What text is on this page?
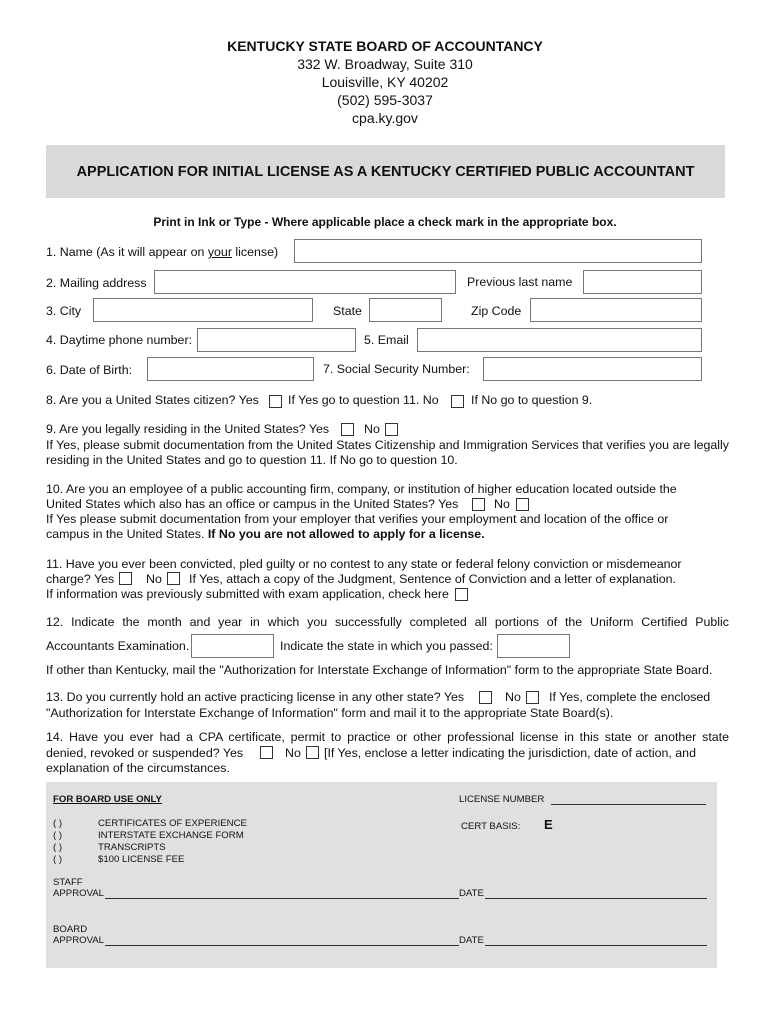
KENTUCKY STATE BOARD OF ACCOUNTANCY
332 W. Broadway, Suite 310
Louisville, KY 40202
(502) 595-3037
cpa.ky.gov
APPLICATION FOR INITIAL LICENSE AS A KENTUCKY CERTIFIED PUBLIC ACCOUNTANT
Print in Ink or Type - Where applicable place a check mark in the appropriate box.
1. Name (As it will appear on your license)
2. Mailing address	Previous last name
3. City	State	Zip Code
4. Daytime phone number:	5. Email
6. Date of Birth:	7. Social Security Number:
8. Are you a United States citizen? Yes If Yes go to question 11. No	If No go to question 9.
9. Are you legally residing in the United States? Yes	No
If Yes, please submit documentation from the United States Citizenship and Immigration Services that verifies you are legally residing in the United States and go to question 11. If No go to question 10.
10. Are you an employee of a public accounting firm, company, or institution of higher education located outside the
United States which also has an office or campus in the United States? Yes	No
If Yes please submit documentation from your employer that verifies your employment and location of the office or
campus in the United States. If No you are not allowed to apply for a license.
11. Have you ever been convicted, pled guilty or no contest to any state or federal felony conviction or misdemeanor
charge? Yes	No If Yes, attach a copy of the Judgment, Sentence of Conviction and a letter of explanation.
If information was previously submitted with exam application, check here
12. Indicate the month and year in which you successfully completed all portions of the Uniform Certified Public
Accountants Examination.	Indicate the state in which you passed:
If other than Kentucky, mail the "Authorization for Interstate Exchange of Information" form to the appropriate State Board.
13. Do you currently hold an active practicing license in any other state? Yes	No If Yes, complete the enclosed
"Authorization for Interstate Exchange of Information" form and mail it to the appropriate State Board(s).
14. Have you ever had a CPA certificate, permit to practice or other professional license in this state or another state
denied, revoked or suspended? Yes	No [If Yes, enclose a letter indicating the jurisdiction, date of action, and
explanation of the circumstances.
FOR BOARD USE ONLY	LICENSE NUMBER
( )	CERTIFICATES OF EXPERIENCE
( )	INTERSTATE EXCHANGE FORM
( )	TRANSCRIPTS
( )	$100 LICENSE FEE
CERT BASIS: E
STAFF
APPROVAL	DATE
BOARD
APPROVAL	DATE
